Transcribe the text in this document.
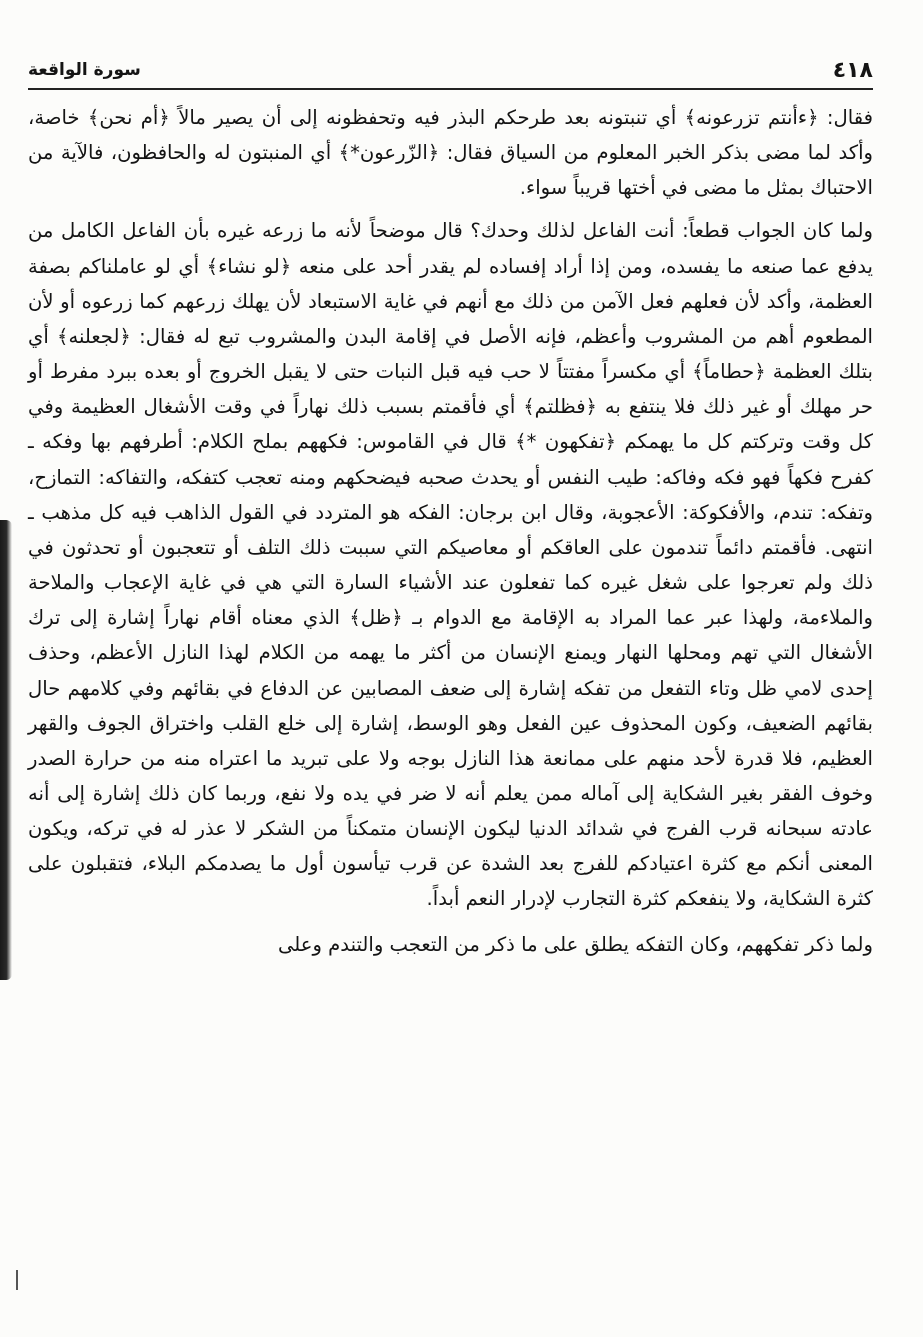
٤١٨
سورة الواقعة

فقال: ﴿ءأنتم تزرعونه﴾ أي تنبتونه بعد طرحكم البذر فيه وتحفظونه إلى أن يصير مالاً ﴿أم نحن﴾ خاصة، وأكد لما مضى بذكر الخبر المعلوم من السياق فقال: ﴿الزّرعون*﴾ أي المنبتون له والحافظون، فالآية من الاحتباك بمثل ما مضى في أختها قريباً سواء.

ولما كان الجواب قطعاً: أنت الفاعل لذلك وحدك؟ قال موضحاً لأنه ما زرعه غيره بأن الفاعل الكامل من يدفع عما صنعه ما يفسده، ومن إذا أراد إفساده لم يقدر أحد على منعه ﴿لو نشاء﴾ أي لو عاملناكم بصفة العظمة، وأكد لأن فعلهم فعل الآمن من ذلك مع أنهم في غاية الاستبعاد لأن يهلك زرعهم كما زرعوه أو لأن المطعوم أهم من المشروب وأعظم، فإنه الأصل في إقامة البدن والمشروب تبع له فقال: ﴿لجعلنه﴾ أي بتلك العظمة ﴿حطاماً﴾ أي مكسراً مفتتاً لا حب فيه قبل النبات حتى لا يقبل الخروج أو بعده ببرد مفرط أو حر مهلك أو غير ذلك فلا ينتفع به ﴿فظلتم﴾ أي فأقمتم بسبب ذلك نهاراً في وقت الأشغال العظيمة وفي كل وقت وتركتم كل ما يهمكم ﴿تفكهون *﴾ قال في القاموس: فكههم بملح الكلام: أطرفهم بها وفكه ـ كفرح فكهاً فهو فكه وفاكه: طيب النفس أو يحدث صحبه فيضحكهم ومنه تعجب كتفكه، والتفاكه: التمازح، وتفكه: تندم، والأفكوكة: الأعجوبة، وقال ابن برجان: الفكه هو المتردد في القول الذاهب فيه كل مذهب ـ انتهى. فأقمتم دائماً تندمون على العاقكم أو معاصيكم التي سببت ذلك التلف أو تتعجبون أو تحدثون في ذلك ولم تعرجوا على شغل غيره كما تفعلون عند الأشياء السارة التي هي في غاية الإعجاب والملاحة والملاءمة، ولهذا عبر عما المراد به الإقامة مع الدوام بـ ﴿ظل﴾ الذي معناه أقام نهاراً إشارة إلى ترك الأشغال التي تهم ومحلها النهار ويمنع الإنسان من أكثر ما يهمه من الكلام لهذا النازل الأعظم، وحذف إحدى لامي ظل وتاء التفعل من تفكه إشارة إلى ضعف المصابين عن الدفاع في بقائهم وفي كلامهم حال بقائهم الضعيف، وكون المحذوف عين الفعل وهو الوسط، إشارة إلى خلع القلب واختراق الجوف والقهر العظيم، فلا قدرة لأحد منهم على ممانعة هذا النازل بوجه ولا على تبريد ما اعتراه منه من حرارة الصدر وخوف الفقر بغير الشكاية إلى آماله ممن يعلم أنه لا ضر في يده ولا نفع، وربما كان ذلك إشارة إلى أنه عادته سبحانه قرب الفرج في شدائد الدنيا ليكون الإنسان متمكناً من الشكر لا عذر له في تركه، ويكون المعنى أنكم مع كثرة اعتيادكم للفرج بعد الشدة عن قرب تيأسون أول ما يصدمكم البلاء، فتقبلون على كثرة الشكاية، ولا ينفعكم كثرة التجارب لإدرار النعم أبداً.

ولما ذكر تفكههم، وكان التفكه يطلق على ما ذكر من التعجب والتندم وعلى
